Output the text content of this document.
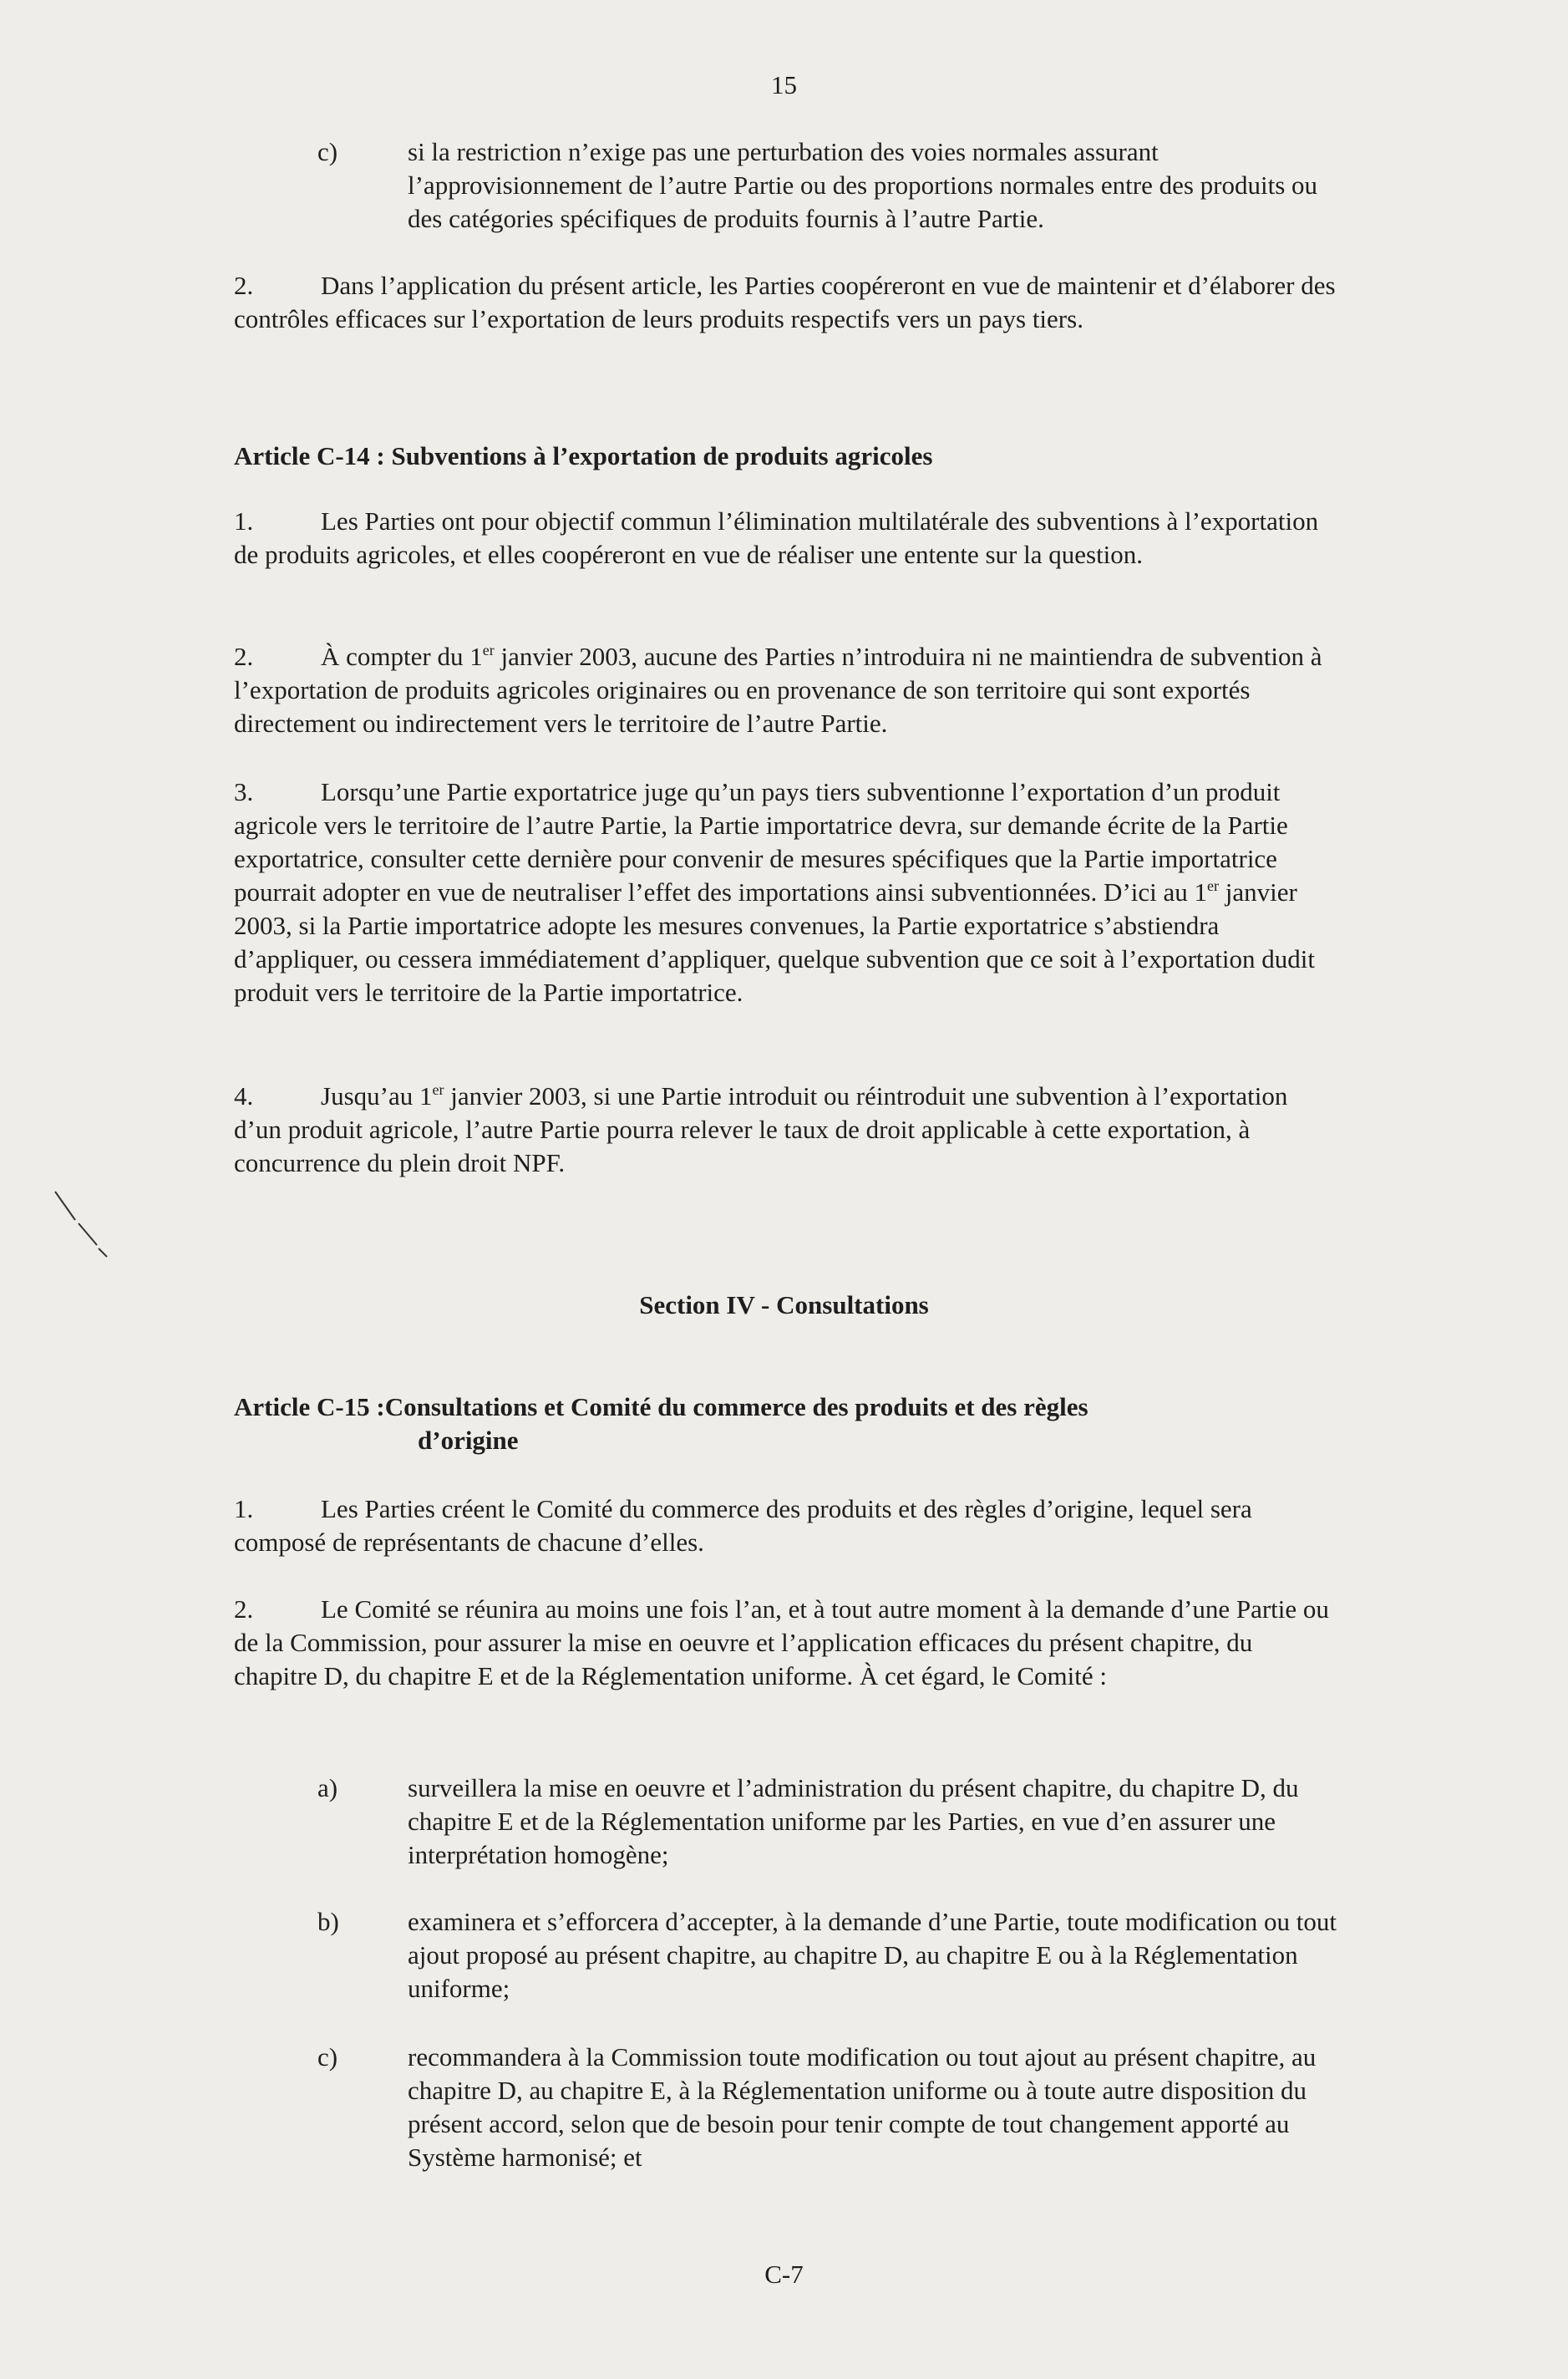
15
c)	si la restriction n’exige pas une perturbation des voies normales assurant l’approvisionnement de l’autre Partie ou des proportions normales entre des produits ou des catégories spécifiques de produits fournis à l’autre Partie.

2.	Dans l’application du présent article, les Parties coopéreront en vue de maintenir et d’élaborer des contrôles efficaces sur l’exportation de leurs produits respectifs vers un pays tiers.

Article C-14 : Subventions à l’exportation de produits agricoles

1.	Les Parties ont pour objectif commun l’élimination multilatérale des subventions à l’exportation de produits agricoles, et elles coopéreront en vue de réaliser une entente sur la question.

2.	À compter du 1er janvier 2003, aucune des Parties n’introduira ni ne maintiendra de subvention à l’exportation de produits agricoles originaires ou en provenance de son territoire qui sont exportés directement ou indirectement vers le territoire de l’autre Partie.

3.	Lorsqu’une Partie exportatrice juge qu’un pays tiers subventionne l’exportation d’un produit agricole vers le territoire de l’autre Partie, la Partie importatrice devra, sur demande écrite de la Partie exportatrice, consulter cette dernière pour convenir de mesures spécifiques que la Partie importatrice pourrait adopter en vue de neutraliser l’effet des importations ainsi subventionnées. D’ici au 1er janvier 2003, si la Partie importatrice adopte les mesures convenues, la Partie exportatrice s’abstiendra d’appliquer, ou cessera immédiatement d’appliquer, quelque subvention que ce soit à l’exportation dudit produit vers le territoire de la Partie importatrice.

4.	Jusqu’au 1er janvier 2003, si une Partie introduit ou réintroduit une subvention à l’exportation d’un produit agricole, l’autre Partie pourra relever le taux de droit applicable à cette exportation, à concurrence du plein droit NPF.

Section IV - Consultations
Article C-15 :Consultations et Comité du commerce des produits et des règles
d’origine

1.	Les Parties créent le Comité du commerce des produits et des règles d’origine, lequel sera composé de représentants de chacune d’elles.

2.	Le Comité se réunira au moins une fois l’an, et à tout autre moment à la demande d’une Partie ou de la Commission, pour assurer la mise en oeuvre et l’application efficaces du présent chapitre, du chapitre D, du chapitre E et de la Réglementation uniforme. À cet égard, le Comité :

a)	surveillera la mise en oeuvre et l’administration du présent chapitre, du chapitre D, du chapitre E et de la Réglementation uniforme par les Parties, en vue d’en assurer une interprétation homogène;

b)	examinera et s’efforcera d’accepter, à la demande d’une Partie, toute modification ou tout ajout proposé au présent chapitre, au chapitre D, au chapitre E ou à la Réglementation uniforme;

c)	recommandera à la Commission toute modification ou tout ajout au présent chapitre, au chapitre D, au chapitre E, à la Réglementation uniforme ou à toute autre disposition du présent accord, selon que de besoin pour tenir compte de tout changement apporté au Système harmonisé; et

C-7
